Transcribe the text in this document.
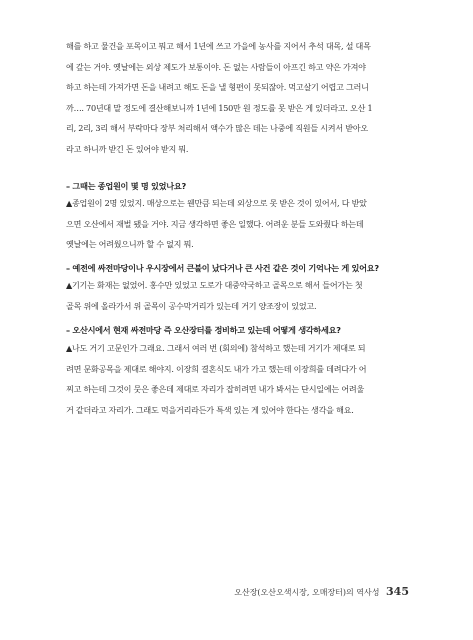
해를 하고 물건을 포목이고 뭐고 해서 1년에 쓰고 가을에 농사를 지어서 추석 대목, 설 대목
에 갚는 거야. 옛날에는 외상 제도가 보통이야. 돈 없는 사람들이 아프긴 하고 약은 가져야
하고 하는데 가져가면 돈을 내려고 해도 돈을 낼 형편이 못되잖아. 먹고살기 어렵고 그러니
까…. 70년대 말 정도에 결산해보니까 1년에 150만 원 정도를 못 받은 게 있더라고. 오산 1
리, 2리, 3리 해서 부락마다 장부 처리해서 액수가 많은 데는 나중에 직원들 시켜서 받아오
라고 하니까 받긴 돈 있어야 받지 뭐.

– 그때는 종업원이 몇 명 있었나요?

▲종업원이 2명 있었지. 매상으로는 웬만큼 되는데 외상으로 못 받은 것이 있어서, 다 받았
으면 오산에서 재벌 됐을 거야. 지금 생각하면 좋은 일했다. 어려운 분들 도와줬다 하는데
옛날에는 어려웠으니까 할 수 없지 뭐.

– 예전에 싸전마당이나 우시장에서 큰불이 났다거나 큰 사건 같은 것이 기억나는 게 있어요?

▲기기는 화재는 없었어. 홍수만 있었고 도로가 대중약국하고 골목으로 해서 들어가는 첫
골목 위에 올라가서 위 골목이 공수막거리가 있는데 거기 양조장이 있었고.

– 오산시에서 현재 싸전마당 즉 오산장터를 정비하고 있는데 어떻게 생각하세요?

▲나도 거기 고문인가 그래요. 그래서 여러 번 (회의에) 참석하고 했는데 거기가 제대로 되
려면 문화공목을 제대로 해야지. 이장희 결혼식도 내가 가고 했는데 이장희를 데려다가 어
찌고 하는데 그것이 뭇은 좋은데 제대로 자리가 잡히려면 내가 봐서는 단시일에는 어려울
거 같더라고 자리가. 그래도 먹을거리라든가 특색 있는 게 있어야 한다는 생각을 해요.

오산장(오산오색시장, 오매장터)의 역사성 345
